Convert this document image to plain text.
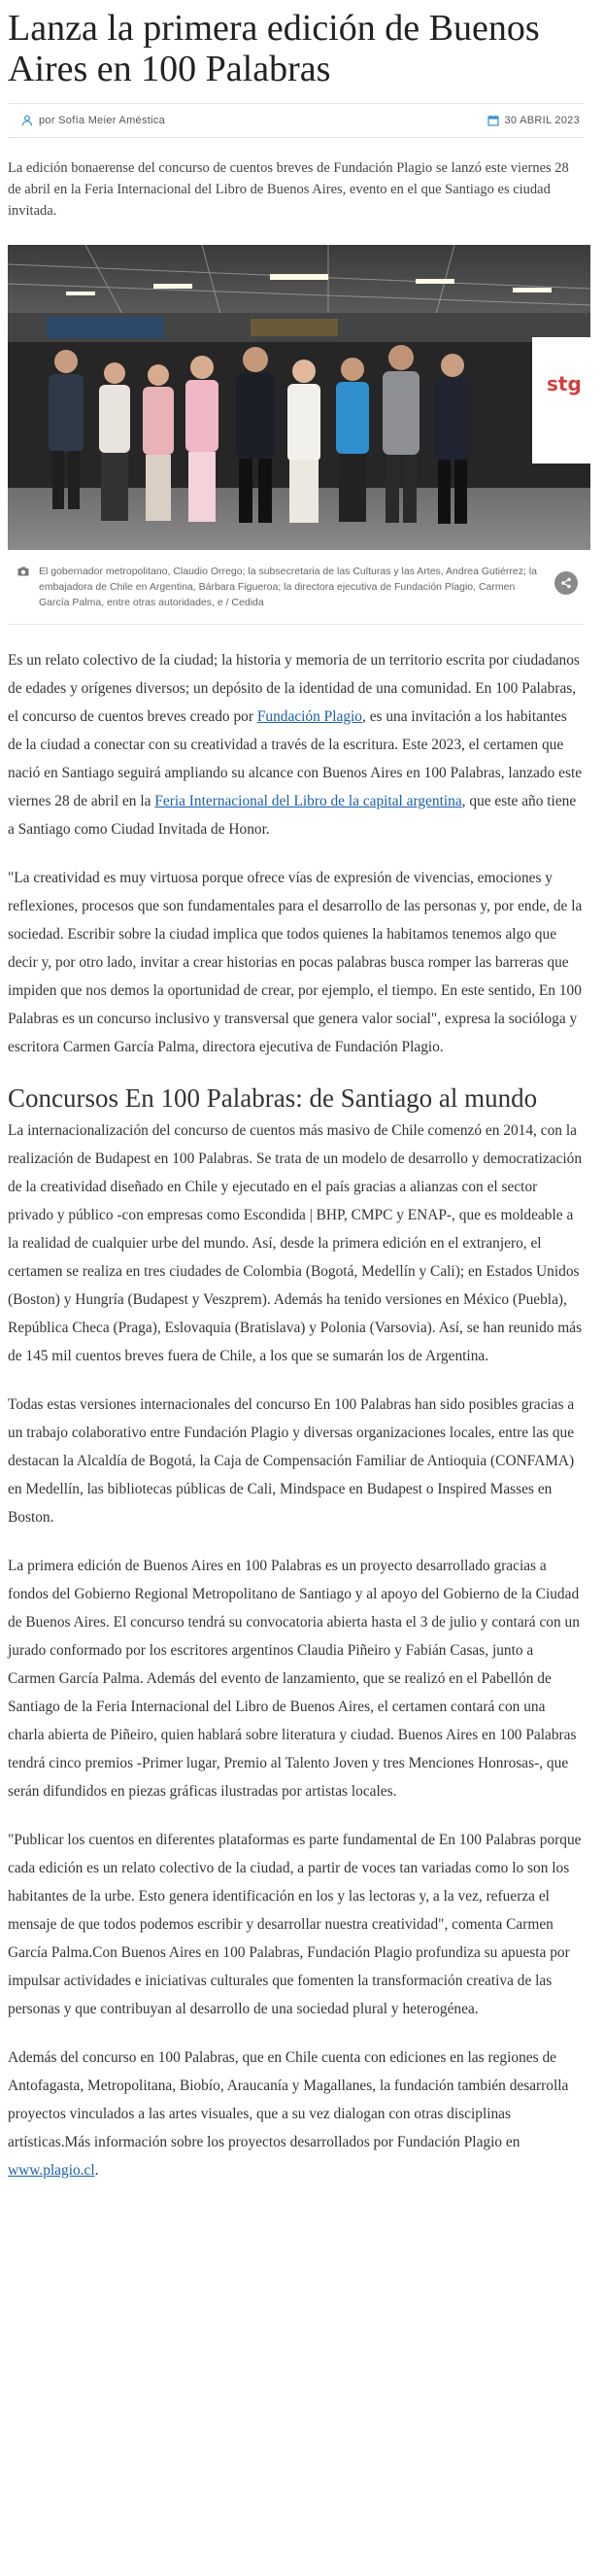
Lanza la primera edición de Buenos Aires en 100 Palabras
por Sofía Meier Améstica	30 ABRIL 2023

La edición bonaerense del concurso de cuentos breves de Fundación Plagio se lanzó este viernes 28 de abril en la Feria Internacional del Libro de Buenos Aires, evento en el que Santiago es ciudad invitada.

stg
El gobernador metropolitano, Claudio Orrego; la subsecretaria de las Culturas y las Artes, Andrea Gutiérrez; la embajadora de Chile en Argentina, Bárbara Figueroa; la directora ejecutiva de Fundación Plagio, Carmen García Palma, entre otras autoridades, e / Cedida

Es un relato colectivo de la ciudad; la historia y memoria de un territorio escrita por ciudadanos de edades y orígenes diversos; un depósito de la identidad de una comunidad. En 100 Palabras, el concurso de cuentos breves creado por Fundación Plagio, es una invitación a los habitantes de la ciudad a conectar con su creatividad a través de la escritura. Este 2023, el certamen que nació en Santiago seguirá ampliando su alcance con Buenos Aires en 100 Palabras, lanzado este viernes 28 de abril en la Feria Internacional del Libro de la capital argentina, que este año tiene a Santiago como Ciudad Invitada de Honor.

"La creatividad es muy virtuosa porque ofrece vías de expresión de vivencias, emociones y reflexiones, procesos que son fundamentales para el desarrollo de las personas y, por ende, de la sociedad. Escribir sobre la ciudad implica que todos quienes la habitamos tenemos algo que decir y, por otro lado, invitar a crear historias en pocas palabras busca romper las barreras que impiden que nos demos la oportunidad de crear, por ejemplo, el tiempo. En este sentido, En 100 Palabras es un concurso inclusivo y transversal que genera valor social", expresa la socióloga y escritora Carmen García Palma, directora ejecutiva de Fundación Plagio.

Concursos En 100 Palabras: de Santiago al mundo

La internacionalización del concurso de cuentos más masivo de Chile comenzó en 2014, con la realización de Budapest en 100 Palabras. Se trata de un modelo de desarrollo y democratización de la creatividad diseñado en Chile y ejecutado en el país gracias a alianzas con el sector privado y público -con empresas como Escondida | BHP, CMPC y ENAP-, que es moldeable a la realidad de cualquier urbe del mundo. Así, desde la primera edición en el extranjero, el certamen se realiza en tres ciudades de Colombia (Bogotá, Medellín y Cali); en Estados Unidos (Boston) y Hungría (Budapest y Veszprem). Además ha tenido versiones en México (Puebla), República Checa (Praga), Eslovaquia (Bratislava) y Polonia (Varsovia). Así, se han reunido más de 145 mil cuentos breves fuera de Chile, a los que se sumarán los de Argentina.

Todas estas versiones internacionales del concurso En 100 Palabras han sido posibles gracias a un trabajo colaborativo entre Fundación Plagio y diversas organizaciones locales, entre las que destacan la Alcaldía de Bogotá, la Caja de Compensación Familiar de Antioquia (CONFAMA) en Medellín, las bibliotecas públicas de Cali, Mindspace en Budapest o Inspired Masses en Boston.

La primera edición de Buenos Aires en 100 Palabras es un proyecto desarrollado gracias a fondos del Gobierno Regional Metropolitano de Santiago y al apoyo del Gobierno de la Ciudad de Buenos Aires. El concurso tendrá su convocatoria abierta hasta el 3 de julio y contará con un jurado conformado por los escritores argentinos Claudia Piñeiro y Fabián Casas, junto a Carmen García Palma. Además del evento de lanzamiento, que se realizó en el Pabellón de Santiago de la Feria Internacional del Libro de Buenos Aires, el certamen contará con una charla abierta de Piñeiro, quien hablará sobre literatura y ciudad. Buenos Aires en 100 Palabras tendrá cinco premios -Primer lugar, Premio al Talento Joven y tres Menciones Honrosas-, que serán difundidos en piezas gráficas ilustradas por artistas locales.

"Publicar los cuentos en diferentes plataformas es parte fundamental de En 100 Palabras porque cada edición es un relato colectivo de la ciudad, a partir de voces tan variadas como lo son los habitantes de la urbe. Esto genera identificación en los y las lectoras y, a la vez, refuerza el mensaje de que todos podemos escribir y desarrollar nuestra creatividad", comenta Carmen García Palma.Con Buenos Aires en 100 Palabras, Fundación Plagio profundiza su apuesta por impulsar actividades e iniciativas culturales que fomenten la transformación creativa de las personas y que contribuyan al desarrollo de una sociedad plural y heterogénea.

Además del concurso en 100 Palabras, que en Chile cuenta con ediciones en las regiones de Antofagasta, Metropolitana, Biobío, Araucanía y Magallanes, la fundación también desarrolla proyectos vinculados a las artes visuales, que a su vez dialogan con otras disciplinas artísticas.Más información sobre los proyectos desarrollados por Fundación Plagio en www.plagio.cl.
